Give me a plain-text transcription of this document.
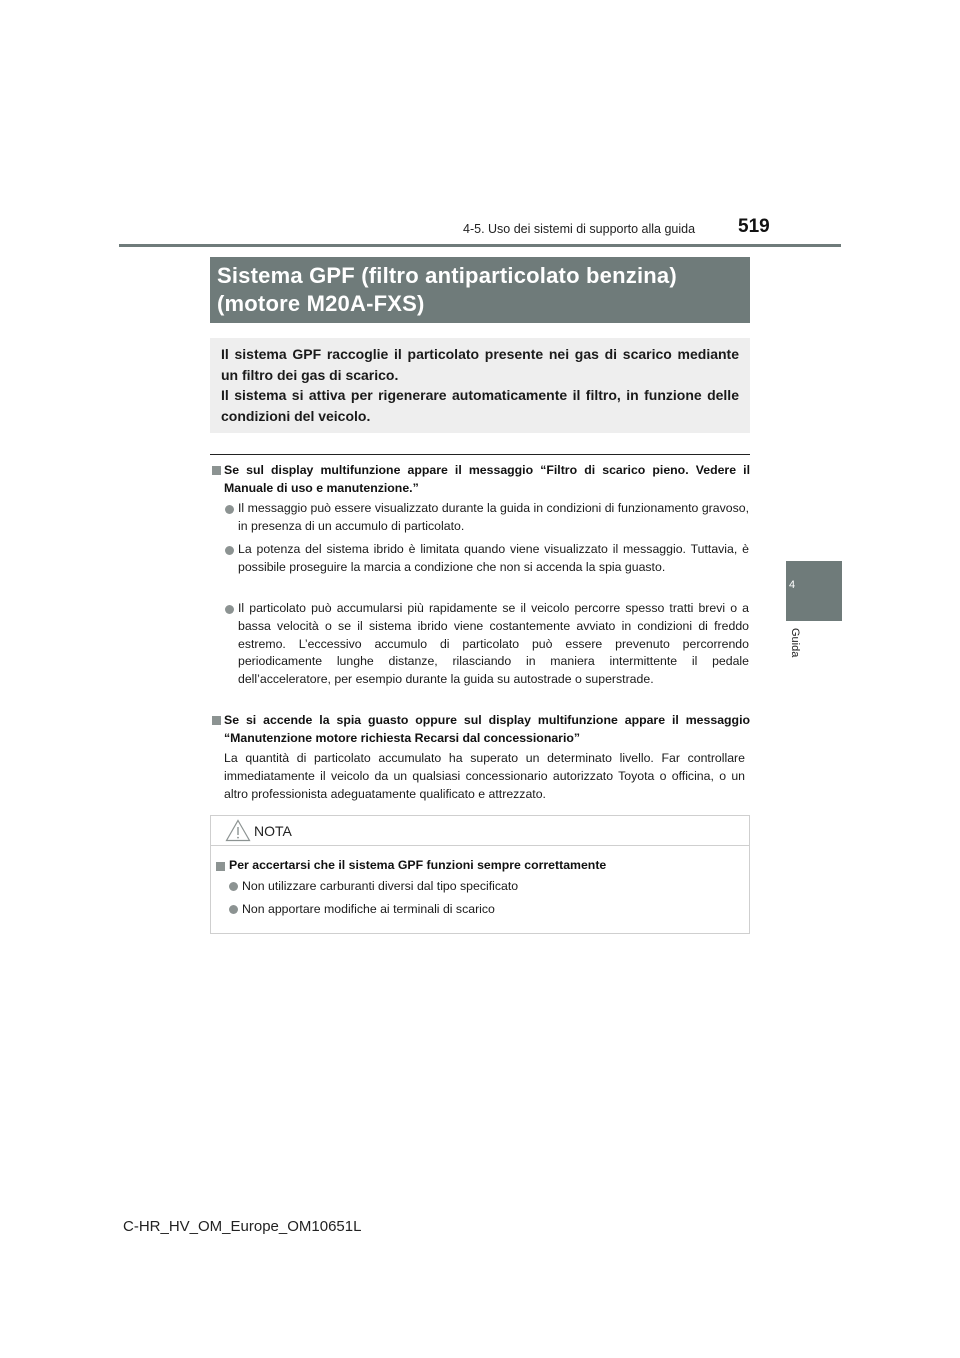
4-5. Uso dei sistemi di supporto alla guida 519
4
Guida
Sistema GPF (filtro antiparticolato benzina)
(motore M20A-FXS)
Il sistema GPF raccoglie il particolato presente nei gas di scarico mediante un filtro dei gas di scarico.
Il sistema si attiva per rigenerare automaticamente il filtro, in funzione delle condizioni del veicolo.
Se sul display multifunzione appare il messaggio “Filtro di scarico pieno. Vedere il Manuale di uso e manutenzione.”
Il messaggio può essere visualizzato durante la guida in condizioni di funzionamento gravoso, in presenza di un accumulo di particolato.
La potenza del sistema ibrido è limitata quando viene visualizzato il messaggio. Tuttavia, è possibile proseguire la marcia a condizione che non si accenda la spia guasto.
Il particolato può accumularsi più rapidamente se il veicolo percorre spesso tratti brevi o a bassa velocità o se il sistema ibrido viene costantemente avviato in condizioni di freddo estremo. L’eccessivo accumulo di particolato può essere prevenuto percorrendo periodicamente lunghe distanze, rilasciando in maniera intermittente il pedale dell’acceleratore, per esempio durante la guida su autostrade o superstrade.
Se si accende la spia guasto oppure sul display multifunzione appare il messaggio “Manutenzione motore richiesta Recarsi dal concessionario”
La quantità di particolato accumulato ha superato un determinato livello. Far controllare immediatamente il veicolo da un qualsiasi concessionario autorizzato Toyota o officina, o un altro professionista adeguatamente qualificato e attrezzato.
NOTA
Per accertarsi che il sistema GPF funzioni sempre correttamente
Non utilizzare carburanti diversi dal tipo specificato
Non apportare modifiche ai terminali di scarico
C-HR_HV_OM_Europe_OM10651L
